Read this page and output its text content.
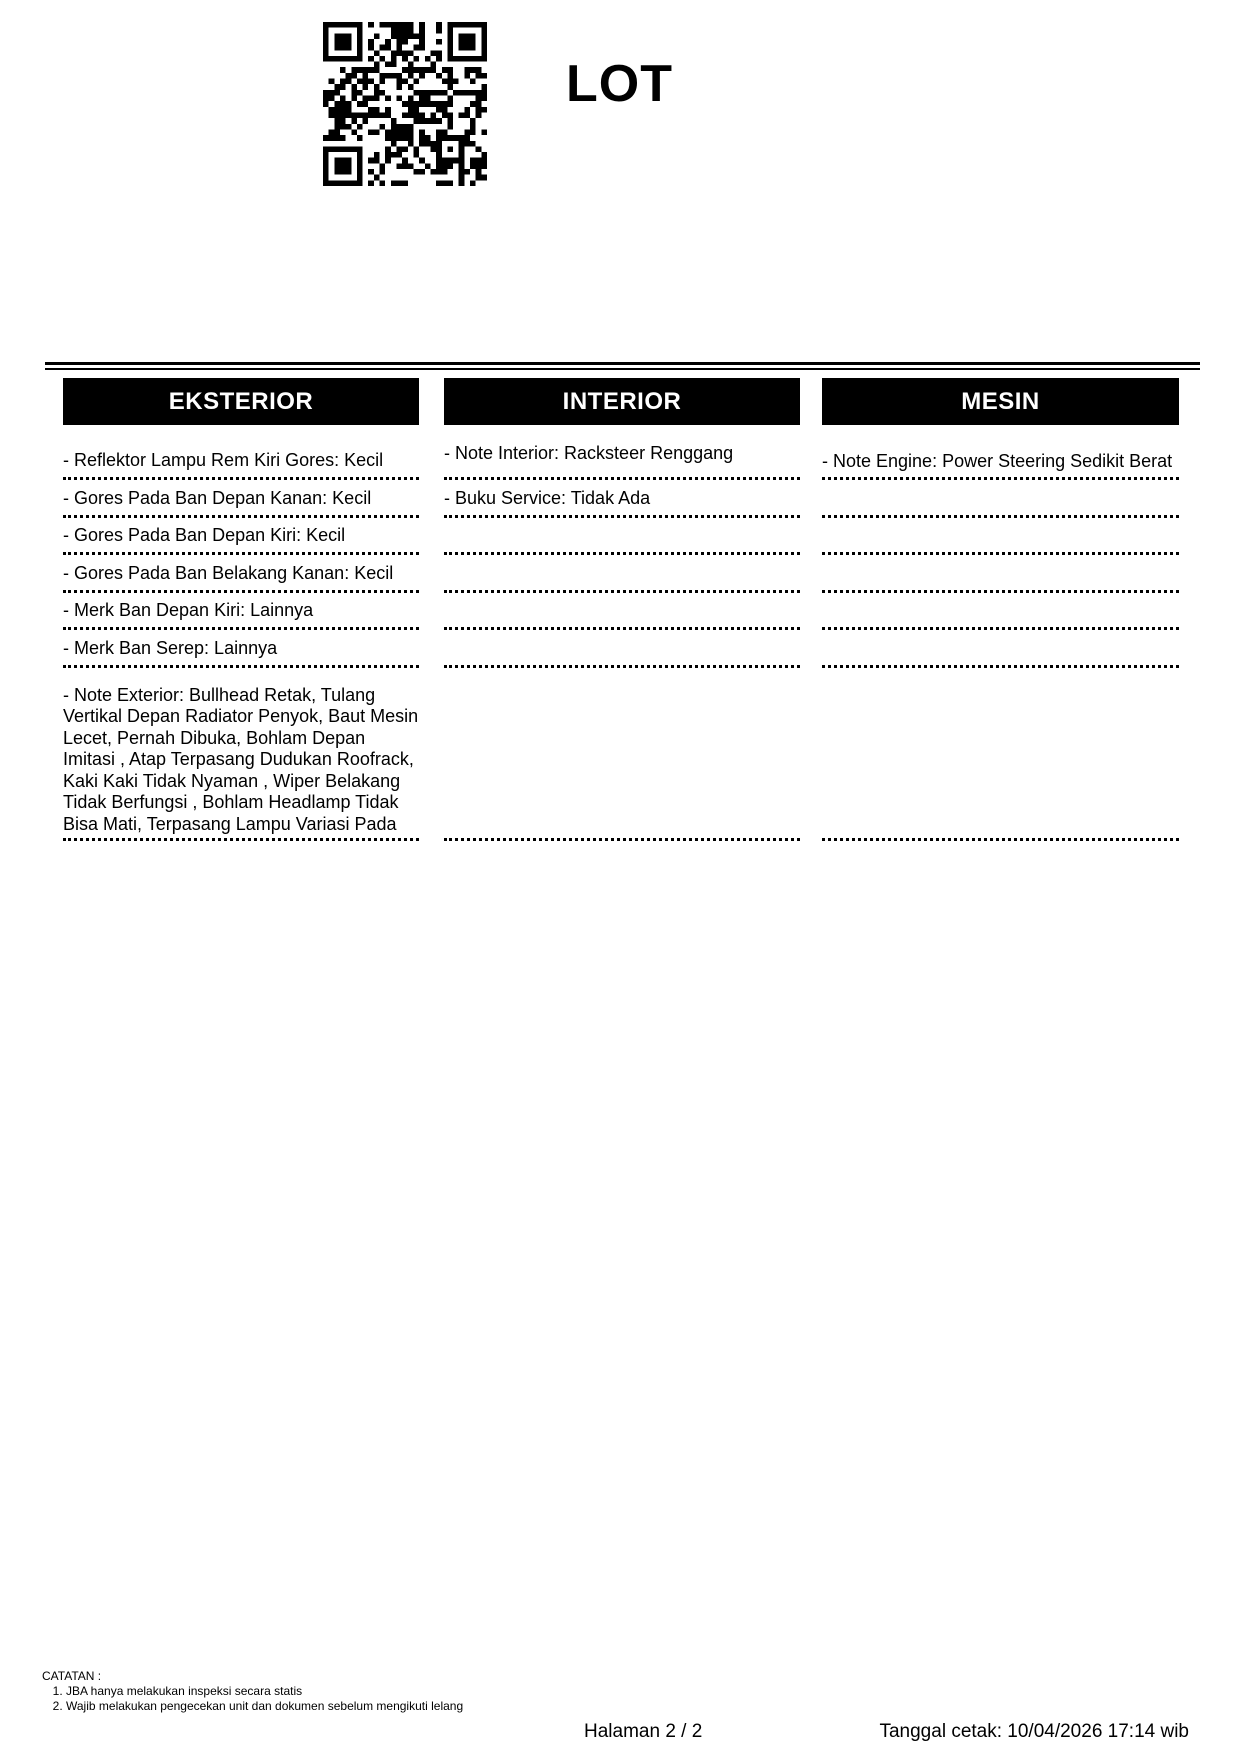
LOT
EKSTERIOR
- Reflektor Lampu Rem Kiri Gores: Kecil
- Gores Pada Ban Depan Kanan: Kecil
- Gores Pada Ban Depan Kiri: Kecil
- Gores Pada Ban Belakang Kanan: Kecil
- Merk Ban Depan Kiri: Lainnya
- Merk Ban Serep: Lainnya
- Note Exterior: Bullhead Retak, Tulang Vertikal Depan Radiator Penyok, Baut Mesin Lecet, Pernah Dibuka, Bohlam Depan Imitasi , Atap Terpasang Dudukan Roofrack, Kaki Kaki Tidak Nyaman , Wiper Belakang Tidak Berfungsi , Bohlam Headlamp Tidak Bisa Mati, Terpasang Lampu Variasi Pada
INTERIOR
- Note Interior: Racksteer Renggang
- Buku Service: Tidak Ada
MESIN
- Note Engine: Power Steering Sedikit Berat
CATATAN :
1. JBA hanya melakukan inspeksi secara statis
2. Wajib melakukan pengecekan unit dan dokumen sebelum mengikuti lelang
Halaman 2 / 2	Tanggal cetak: 10/04/2026 17:14 wib
